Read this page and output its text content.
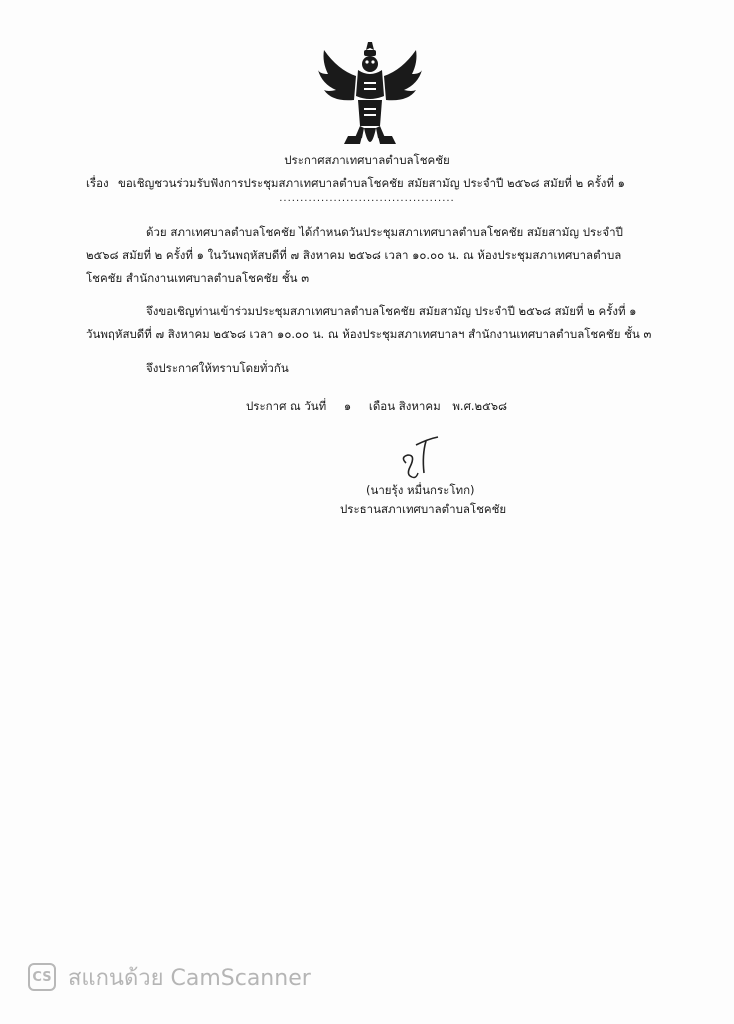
ประกาศสภาเทศบาลตำบลโชคชัย
เรื่อง ขอเชิญชวนร่วมรับฟังการประชุมสภาเทศบาลตำบลโชคชัย สมัยสามัญ ประจำปี ๒๕๖๘ สมัยที่ ๒ ครั้งที่ ๑
..........................................
ด้วย สภาเทศบาลตำบลโชคชัย ได้กำหนดวันประชุมสภาเทศบาลตำบลโชคชัย สมัยสามัญ ประจำปี
๒๕๖๘ สมัยที่ ๒ ครั้งที่ ๑ ในวันพฤหัสบดีที่ ๗ สิงหาคม ๒๕๖๘ เวลา ๑๐.๐๐ น. ณ ห้องประชุมสภาเทศบาลตำบล
โชคชัย สำนักงานเทศบาลตำบลโชคชัย ชั้น ๓
จึงขอเชิญท่านเข้าร่วมประชุมสภาเทศบาลตำบลโชคชัย สมัยสามัญ ประจำปี ๒๕๖๘ สมัยที่ ๒ ครั้งที่ ๑
วันพฤหัสบดีที่ ๗ สิงหาคม ๒๕๖๘ เวลา ๑๐.๐๐ น. ณ ห้องประชุมสภาเทศบาลฯ สำนักงานเทศบาลตำบลโชคชัย ชั้น ๓
จึงประกาศให้ทราบโดยทั่วกัน
ประกาศ ณ วันที่ ๑ เดือน สิงหาคม พ.ศ.๒๕๖๘
(นายรุ้ง หมื่นกระโทก)
ประธานสภาเทศบาลตำบลโชคชัย
CS สแกนด้วย CamScanner
